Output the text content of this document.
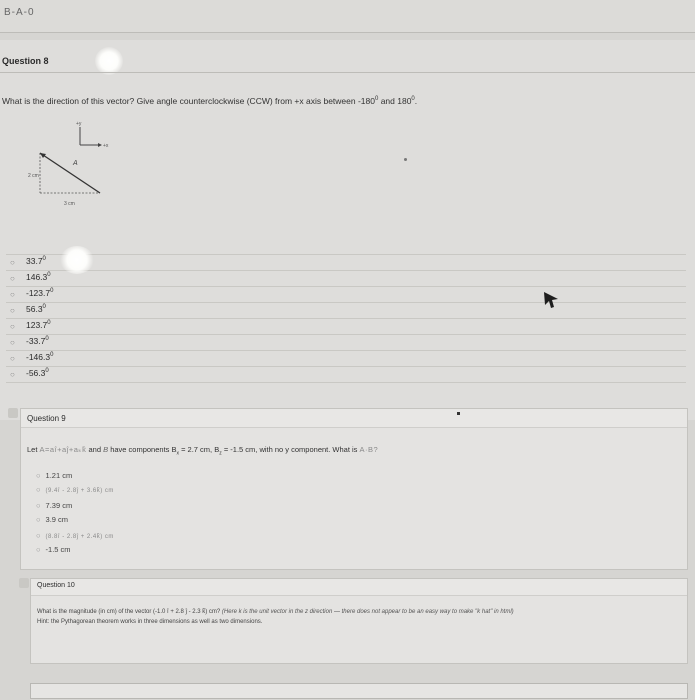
B-A-0
Question 8
What is the direction of this vector? Give angle counterclockwise (CCW) from +x axis between $-180^0$ and $180^0$.
+y
+x
A
2 cm
3 cm
○ 33.7$^0$
○ 146.3$^0$
○ -123.7$^0$
○ 56.3$^0$
○ 123.7$^0$
○ -33.7$^0$
○ -146.3$^0$
○ -56.3$^0$
Question 9
Let A=aî+aĵ+aₖk̂ and B have components $B_x = 2.7$ cm, $B_z = -1.5$ cm, with no y component. What is A·B?
○ 1.21 cm
○ (9.4î - 2.8ĵ + 3.6k̂) cm
○ 7.39 cm
○ 3.9 cm
○ (8.8î - 2.8ĵ + 2.4k̂) cm
○ -1.5 cm
Question 10
What is the magnitude (in cm) of the vector (-1.0 î + 2.8 ĵ - 2.3 k̂) cm? (Here k is the unit vector in the z direction — there does not appear to be an easy way to make "k hat" in html)
Hint: the Pythagorean theorem works in three dimensions as well as two dimensions.
